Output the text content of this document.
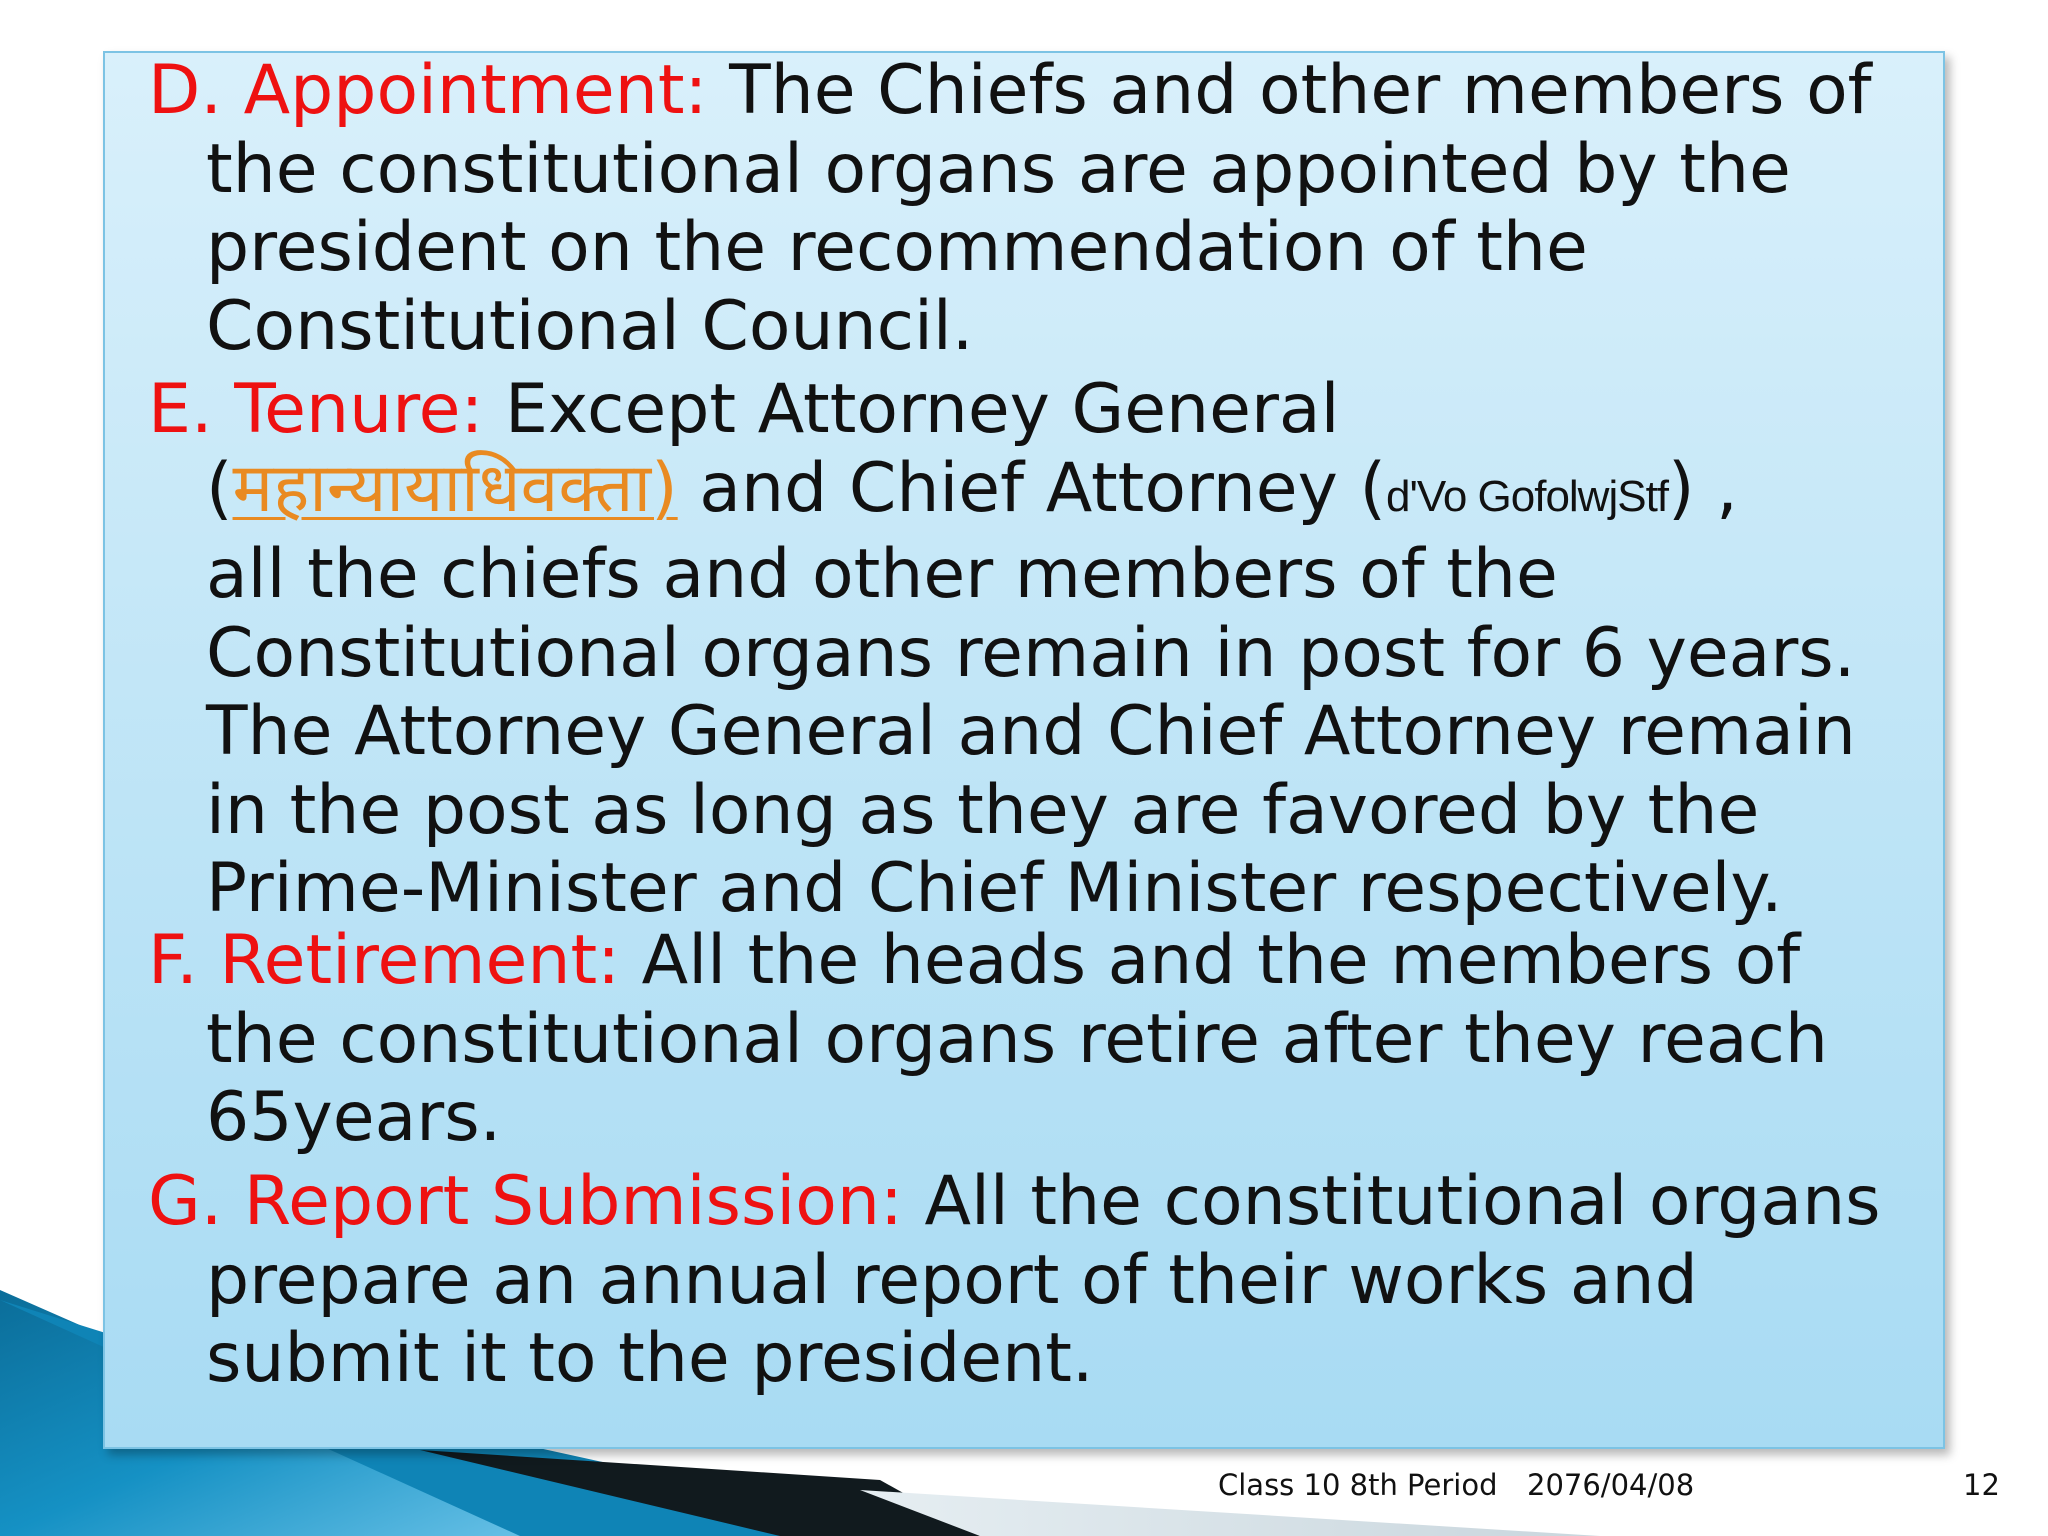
D. Appointment: The Chiefs and other members of
the constitutional organs are appointed by the
president on the recommendation of the
Constitutional Council.

E. Tenure: Except Attorney General
(महान्यायाधिवक्ता) and Chief Attorney (d'Vo GofolwjStf) ,
all the chiefs and other members of the
Constitutional organs remain in post for 6 years.
The Attorney General and Chief Attorney remain
in the post as long as they are favored by the
Prime-Minister and Chief Minister respectively.

F. Retirement: All the heads and the members of
the constitutional organs retire after they reach
65years.

G. Report Submission: All the constitutional organs
prepare an annual report of their works and
submit it to the president.

Class 10 8th Period 2076/04/08	12
